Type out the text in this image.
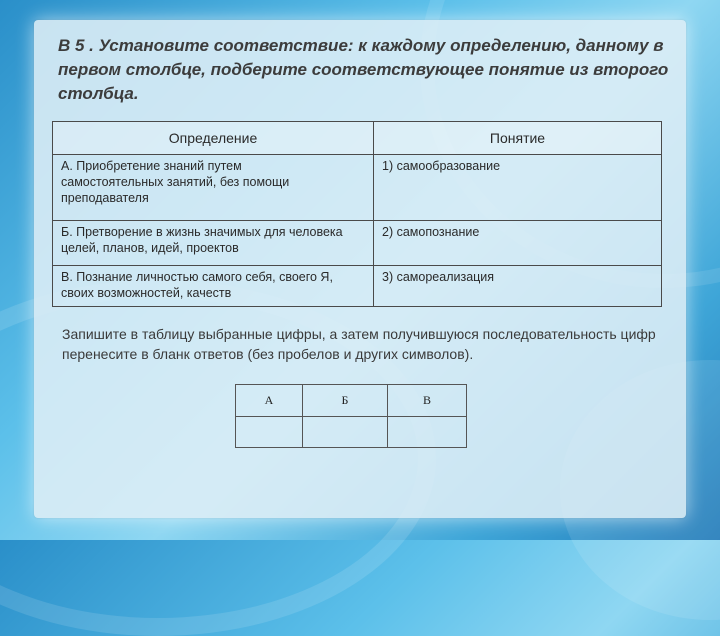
В 5 . Установите соответствие: к каждому определению, данному в первом столбце, подберите соответствующее понятие из второго столбца.

Определение	Понятие

А. Приобретение знаний путем
самостоятельных занятий, без помощи
преподавателя	1) самообразование

Б. Претворение в жизнь значимых для человека
целей, планов, идей, проектов	2) самопознание

В. Познание личностью самого себя, своего Я,
своих возможностей, качеств	3) самореализация

Запишите в таблицу выбранные цифры, а затем получившуюся последовательность цифр перенесите в бланк ответов (без пробелов и других символов).

А	Б	В
